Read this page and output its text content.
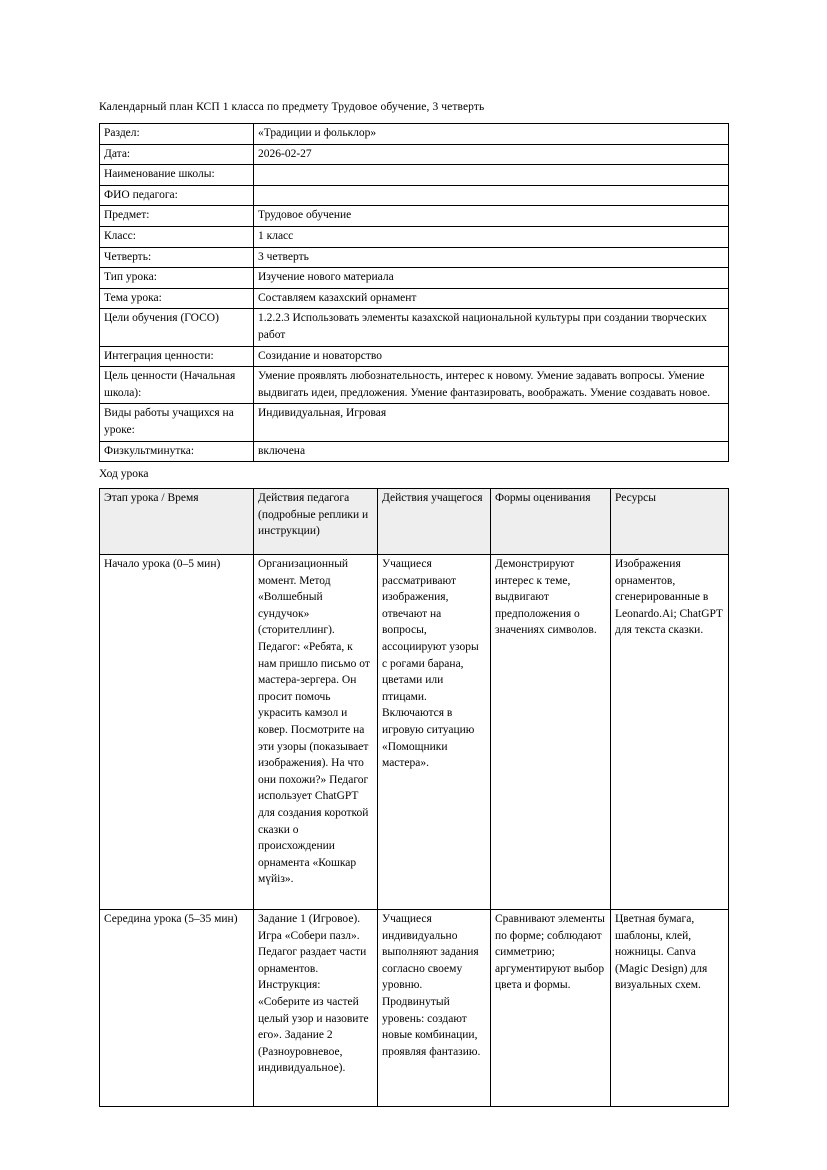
Календарный план КСП 1 класса по предмету Трудовое обучение, 3 четверть

Раздел:	«Традиции и фольклор»
Дата:	2026-02-27
Наименование школы:	
ФИО педагога:	
Предмет:	Трудовое обучение
Класс:	1 класс
Четверть:	3 четверть
Тип урока:	Изучение нового материала
Тема урока:	Составляем казахский орнамент
Цели обучения (ГОСО)	1.2.2.3 Использовать элементы казахской национальной культуры при создании творческих работ
Интеграция ценности:	Созидание и новаторство
Цель ценности (Начальная школа):	Умение проявлять любознательность, интерес к новому. Умение задавать вопросы. Умение выдвигать идеи, предложения. Умение фантазировать, воображать. Умение создавать новое.
Виды работы учащихся на уроке:	Индивидуальная, Игровая
Физкультминутка:	включена

Ход урока

Этап урока / Время	Действия педагога (подробные реплики и инструкции)	Действия учащегося	Формы оценивания	Ресурсы
Начало урока (0–5 мин)	Организационный момент. Метод «Волшебный сундучок» (сторителлинг). Педагог: «Ребята, к нам пришло письмо от мастера-зергера. Он просит помочь украсить камзол и ковер. Посмотрите на эти узоры (показывает изображения). На что они похожи?» Педагог использует ChatGPT для создания короткой сказки о происхождении орнамента «Кошкар мүйіз».	Учащиеся рассматривают изображения, отвечают на вопросы, ассоциируют узоры с рогами барана, цветами или птицами. Включаются в игровую ситуацию «Помощники мастера».	Демонстрируют интерес к теме, выдвигают предположения о значениях символов.	Изображения орнаментов, сгенерированные в Leonardo.Ai; ChatGPT для текста сказки.
Середина урока (5–35 мин)	Задание 1 (Игровое). Игра «Собери пазл». Педагог раздает части орнаментов. Инструкция: «Соберите из частей целый узор и назовите его». Задание 2 (Разноуровневое, индивидуальное).	Учащиеся индивидуально выполняют задания согласно своему уровню. Продвинутый уровень: создают новые комбинации, проявляя фантазию.	Сравнивают элементы по форме; соблюдают симметрию; аргументируют выбор цвета и формы.	Цветная бумага, шаблоны, клей, ножницы. Canva (Magic Design) для визуальных схем.
